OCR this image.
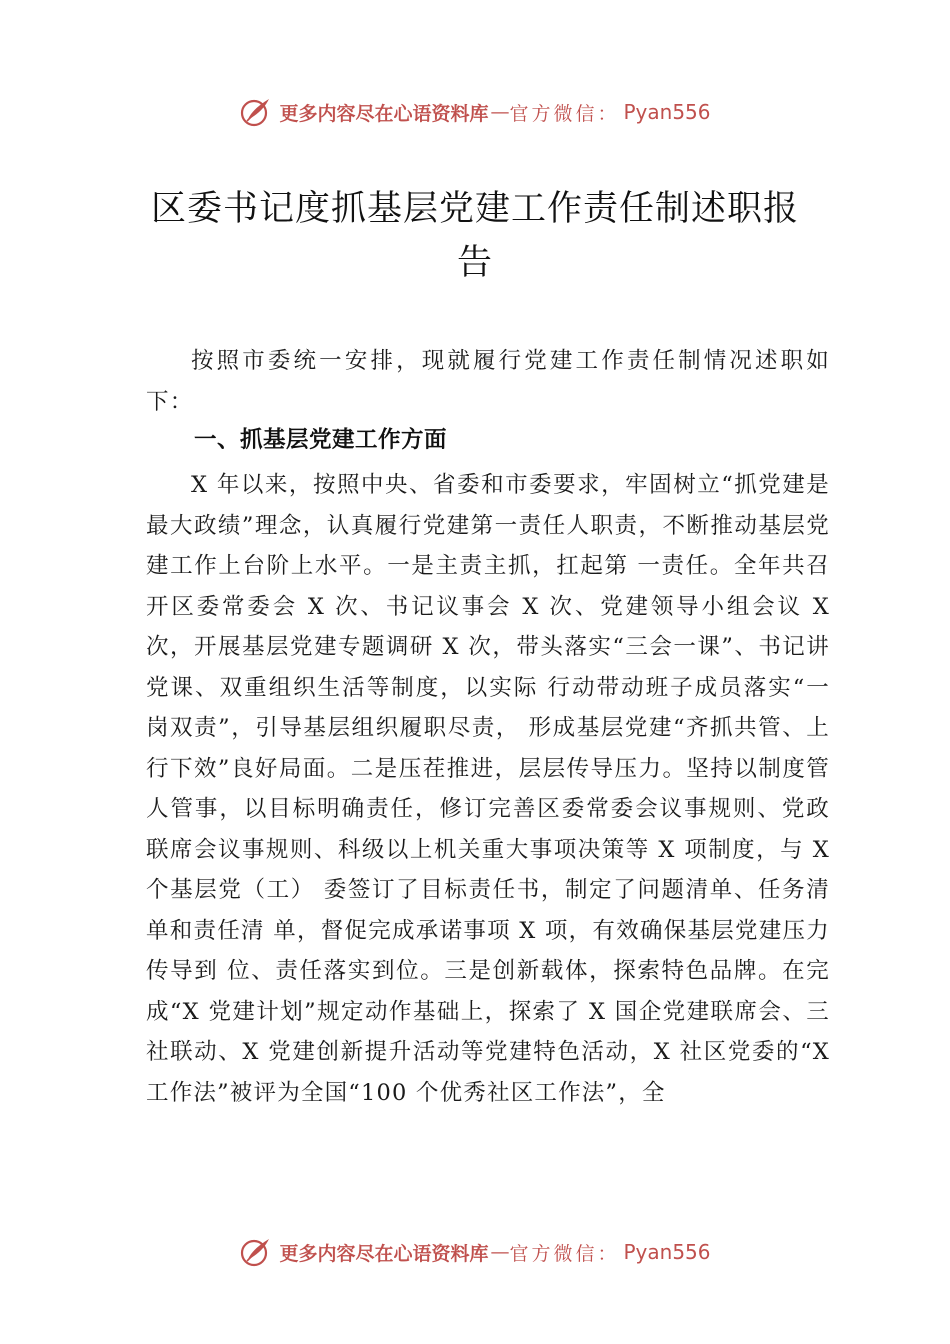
更多内容尽在心语资料库 — 官方微信： Pyan556
区委书记度抓基层党建工作责任制述职报告
按照市委统一安排，现就履行党建工作责任制情况述职如下：
一、抓基层党建工作方面
X 年以来，按照中央、省委和市委要求，牢固树立“抓党建是最大政绩”理念，认真履行党建第一责任人职责，不断推动基层党建工作上台阶上水平。一是主责主抓，扛起第 一责任。全年共召开区委常委会 X 次、书记议事会 X 次、党建领导小组会议 X 次，开展基层党建专题调研 X 次，带头落实“三会一课”、书记讲党课、双重组织生活等制度，以实际 行动带动班子成员落实“一岗双责”，引导基层组织履职尽责， 形成基层党建“齐抓共管、上行下效”良好局面。二是压茬推进，层层传导压力。坚持以制度管人管事，以目标明确责任，修订完善区委常委会议事规则、党政联席会议事规则、科级以上机关重大事项决策等 X 项制度，与 X 个基层党（工） 委签订了目标责任书，制定了问题清单、任务清单和责任清 单，督促完成承诺事项 X 项，有效确保基层党建压力传导到 位、责任落实到位。三是创新载体，探索特色品牌。在完成“X 党建计划”规定动作基础上，探索了 X 国企党建联席会、三社联动、X 党建创新提升活动等党建特色活动，X 社区党委的“X 工作法”被评为全国“100 个优秀社区工作法”，全
更多内容尽在心语资料库 — 官方微信： Pyan556
